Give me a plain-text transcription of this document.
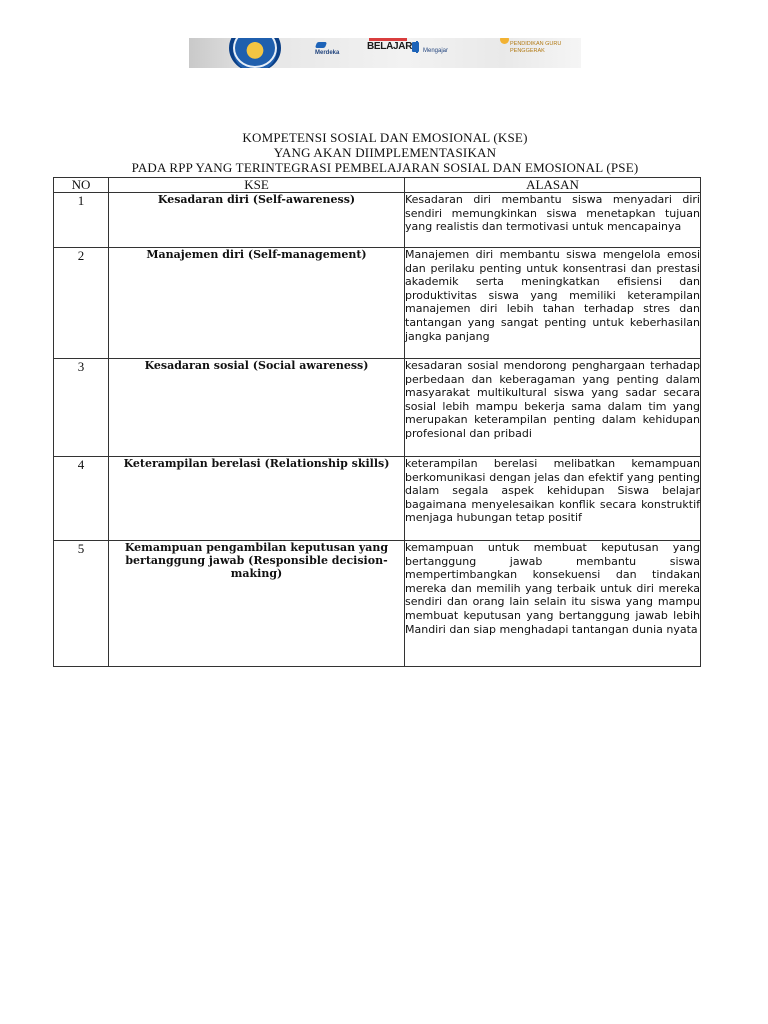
Merdeka
BELAJAR	Mengajar
PENDIDIKAN GURU PENGGERAK
KOMPETENSI SOSIAL DAN EMOSIONAL (KSE)
YANG AKAN DIIMPLEMENTASIKAN
PADA RPP YANG TERINTEGRASI PEMBELAJARAN SOSIAL DAN EMOSIONAL (PSE)
NO	KSE	ALASAN
1	Kesadaran diri (Self-awareness)	Kesadaran diri membantu siswa menyadari diri sendiri memungkinkan siswa menetapkan tujuan yang realistis dan termotivasi untuk mencapainya
2	Manajemen diri (Self-management)	Manajemen diri membantu siswa mengelola emosi dan perilaku penting untuk konsentrasi dan prestasi akademik serta meningkatkan efisiensi dan produktivitas siswa yang memiliki keterampilan manajemen diri lebih tahan terhadap stres dan tantangan yang sangat penting untuk keberhasilan jangka panjang
3	Kesadaran sosial (Social awareness)	kesadaran sosial mendorong penghargaan terhadap perbedaan dan keberagaman yang penting dalam masyarakat multikultural siswa yang sadar secara sosial lebih mampu bekerja sama dalam tim yang merupakan keterampilan penting dalam kehidupan profesional dan pribadi
4	Keterampilan berelasi (Relationship skills)	keterampilan berelasi melibatkan kemampuan berkomunikasi dengan jelas dan efektif yang penting dalam segala aspek kehidupan Siswa belajar bagaimana menyelesaikan konflik secara konstruktif menjaga hubungan tetap positif
5	Kemampuan pengambilan keputusan yang bertanggung jawab (Responsible decision-making)	kemampuan untuk membuat keputusan yang bertanggung jawab membantu siswa mempertimbangkan konsekuensi dan tindakan mereka dan memilih yang terbaik untuk diri mereka sendiri dan orang lain selain itu siswa yang mampu membuat keputusan yang bertanggung jawab lebih Mandiri dan siap menghadapi tantangan dunia nyata
